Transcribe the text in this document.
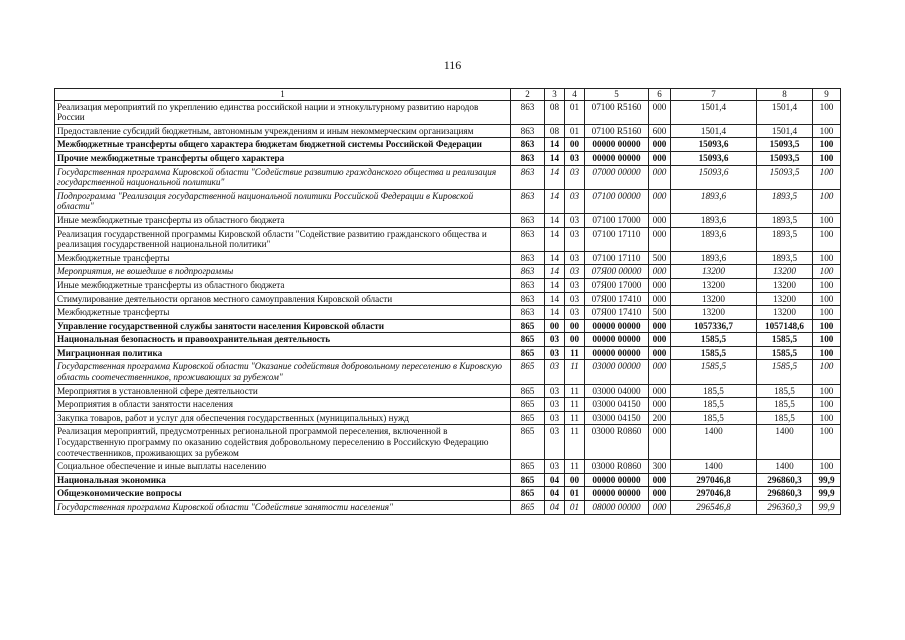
116
1	2	3	4	5	6	7	8	9
Реализация мероприятий по укреплению единства российской нации и этнокультурному развитию народов России	863	08	01	07100 R5160	000	1501,4	1501,4	100
Предоставление субсидий бюджетным, автономным учреждениям и иным некоммерческим организациям	863	08	01	07100 R5160	600	1501,4	1501,4	100
Межбюджетные трансферты общего характера бюджетам бюджетной системы Российской Федерации	863	14	00	00000 00000	000	15093,6	15093,5	100
Прочие межбюджетные трансферты общего характера	863	14	03	00000 00000	000	15093,6	15093,5	100
Государственная программа Кировской области "Содействие развитию гражданского общества и реализация государственной национальной политики"	863	14	03	07000 00000	000	15093,6	15093,5	100
Подпрограмма "Реализация государственной национальной политики Российской Федерации в Кировской области"	863	14	03	07100 00000	000	1893,6	1893,5	100
Иные межбюджетные трансферты из областного бюджета	863	14	03	07100 17000	000	1893,6	1893,5	100
Реализация государственной программы Кировской области "Содействие развитию гражданского общества и реализация государственной национальной политики"	863	14	03	07100 17110	000	1893,6	1893,5	100
Межбюджетные трансферты	863	14	03	07100 17110	500	1893,6	1893,5	100
Мероприятия, не вошедшие в подпрограммы	863	14	03	07Я00 00000	000	13200	13200	100
Иные межбюджетные трансферты из областного бюджета	863	14	03	07Я00 17000	000	13200	13200	100
Стимулирование деятельности органов местного самоуправления Кировской области	863	14	03	07Я00 17410	000	13200	13200	100
Межбюджетные трансферты	863	14	03	07Я00 17410	500	13200	13200	100
Управление государственной службы занятости населения Кировской области	865	00	00	00000 00000	000	1057336,7	1057148,6	100
Национальная безопасность и правоохранительная деятельность	865	03	00	00000 00000	000	1585,5	1585,5	100
Миграционная политика	865	03	11	00000 00000	000	1585,5	1585,5	100
Государственная программа Кировской области "Оказание содействия добровольному переселению в Кировскую область соотечественников, проживающих за рубежом"	865	03	11	03000 00000	000	1585,5	1585,5	100
Мероприятия в установленной сфере деятельности	865	03	11	03000 04000	000	185,5	185,5	100
Мероприятия в области занятости населения	865	03	11	03000 04150	000	185,5	185,5	100
Закупка товаров, работ и услуг для обеспечения государственных (муниципальных) нужд	865	03	11	03000 04150	200	185,5	185,5	100
Реализация мероприятий, предусмотренных региональной программой переселения, включенной в Государственную программу по оказанию содействия добровольному переселению в Российскую Федерацию соотечественников, проживающих за рубежом	865	03	11	03000 R0860	000	1400	1400	100
Социальное обеспечение и иные выплаты населению	865	03	11	03000 R0860	300	1400	1400	100
Национальная экономика	865	04	00	00000 00000	000	297046,8	296860,3	99,9
Общеэкономические вопросы	865	04	01	00000 00000	000	297046,8	296860,3	99,9
Государственная программа Кировской области "Содействие занятости населения"	865	04	01	08000 00000	000	296546,8	296360,3	99,9
